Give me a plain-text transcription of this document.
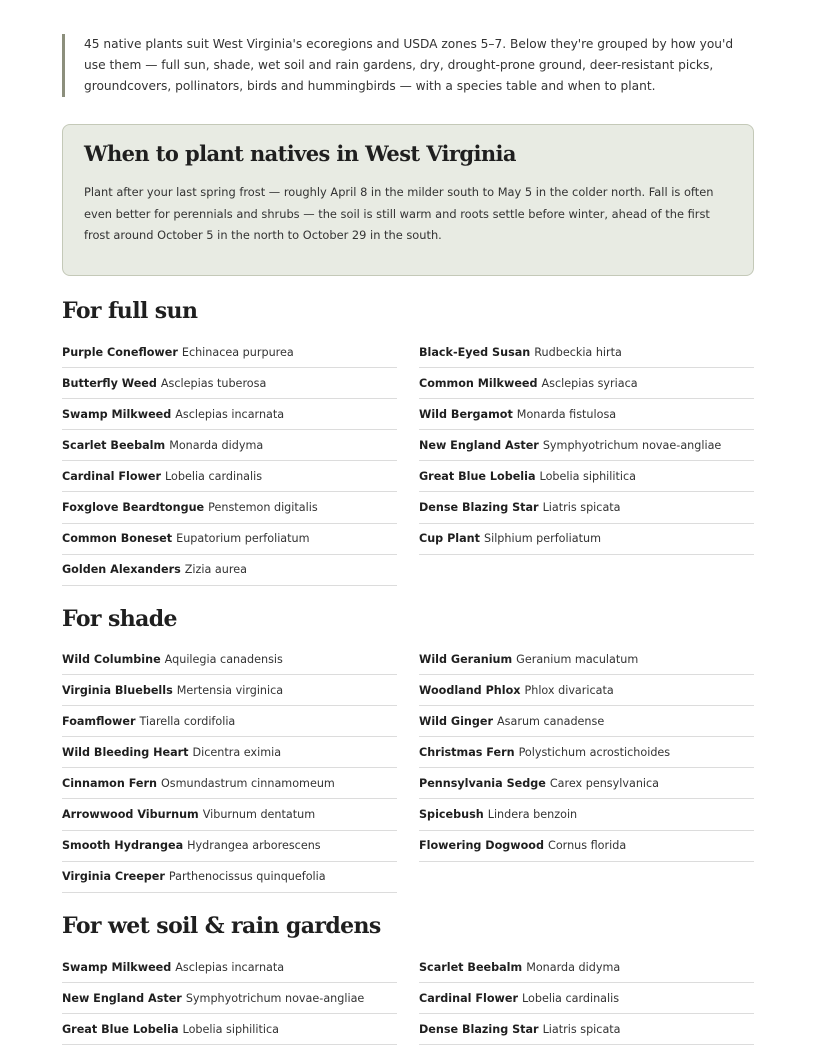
45 native plants suit West Virginia's ecoregions and USDA zones 5–7. Below they're grouped by how you'd use them — full sun, shade, wet soil and rain gardens, dry, drought-prone ground, deer-resistant picks, groundcovers, pollinators, birds and hummingbirds — with a species table and when to plant.

When to plant natives in West Virginia

Plant after your last spring frost — roughly April 8 in the milder south to May 5 in the colder north. Fall is often even better for perennials and shrubs — the soil is still warm and roots settle before winter, ahead of the first frost around October 5 in the north to October 29 in the south.

For full sun
Purple Coneflower Echinacea purpurea
Butterfly Weed Asclepias tuberosa
Swamp Milkweed Asclepias incarnata
Scarlet Beebalm Monarda didyma
Cardinal Flower Lobelia cardinalis
Foxglove Beardtongue Penstemon digitalis
Common Boneset Eupatorium perfoliatum
Golden Alexanders Zizia aurea
Black-Eyed Susan Rudbeckia hirta
Common Milkweed Asclepias syriaca
Wild Bergamot Monarda fistulosa
New England Aster Symphyotrichum novae-angliae
Great Blue Lobelia Lobelia siphilitica
Dense Blazing Star Liatris spicata
Cup Plant Silphium perfoliatum
For shade
Wild Columbine Aquilegia canadensis
Virginia Bluebells Mertensia virginica
Foamflower Tiarella cordifolia
Wild Bleeding Heart Dicentra eximia
Cinnamon Fern Osmundastrum cinnamomeum
Arrowwood Viburnum Viburnum dentatum
Smooth Hydrangea Hydrangea arborescens
Virginia Creeper Parthenocissus quinquefolia
Wild Geranium Geranium maculatum
Woodland Phlox Phlox divaricata
Wild Ginger Asarum canadense
Christmas Fern Polystichum acrostichoides
Pennsylvania Sedge Carex pensylvanica
Spicebush Lindera benzoin
Flowering Dogwood Cornus florida
For wet soil & rain gardens
Swamp Milkweed Asclepias incarnata
New England Aster Symphyotrichum novae-angliae
Great Blue Lobelia Lobelia siphilitica
Scarlet Beebalm Monarda didyma
Cardinal Flower Lobelia cardinalis
Dense Blazing Star Liatris spicata
